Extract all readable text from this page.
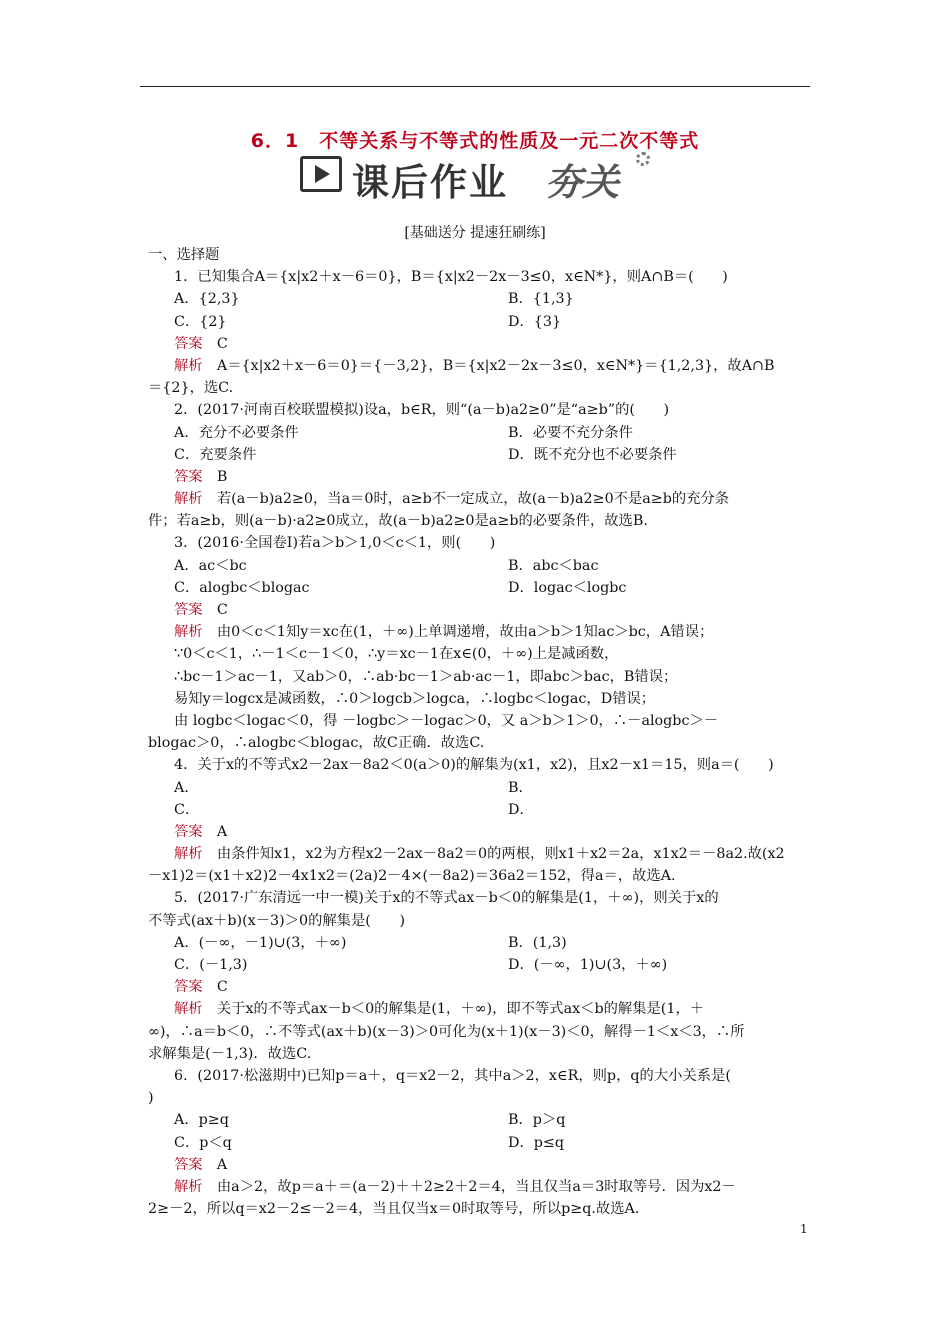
6．1　不等关系与不等式的性质及一元二次不等式
课后作业 夯关
[基础送分 提速狂刷练]
一、选择题
1．已知集合A＝{x|x2＋x－6＝0}，B＝{x|x2－2x－3≤0，x∈N*}，则A∩B＝(　　)
A．{2,3}	B．{1,3}
C．{2}	D．{3}
答案　 C
解析　 A＝{x|x2＋x－6＝0}＝{－3,2}，B＝{x|x2－2x－3≤0，x∈N*}＝{1,2,3}，故A∩B
＝{2}，选C.
2．(2017·河南百校联盟模拟)设a，b∈R，则“(a－b)a2≥0”是“a≥b”的(　　)
A．充分不必要条件	B．必要不充分条件
C．充要条件	D．既不充分也不必要条件
答案　 B
解析　 若(a－b)a2≥0，当a＝0时，a≥b不一定成立，故(a－b)a2≥0不是a≥b的充分条
件；若a≥b，则(a－b)·a2≥0成立，故(a－b)a2≥0是a≥b的必要条件，故选B.
3．(2016·全国卷Ⅰ)若a＞b＞1,0＜c＜1，则(　　)
A．ac＜bc	B．abc＜bac
C．alogbc＜blogac	D．logac＜logbc
答案　 C
解析　 由0＜c＜1知y＝xc在(1，＋∞)上单调递增，故由a＞b＞1知ac＞bc，A错误；
∵0＜c＜1，∴－1＜c－1＜0，∴y＝xc－1在x∈(0，＋∞)上是减函数，
∴bc－1＞ac－1，又ab＞0，∴ab·bc－1＞ab·ac－1，即abc＞bac，B错误；
易知y＝logcx是减函数，∴0＞logcb＞logca，∴logbc＜logac，D错误；
由 logbc＜logac＜0，得 －logbc＞－logac＞0，又 a＞b＞1＞0，∴－alogbc＞－
blogac＞0，∴alogbc＜blogac，故C正确．故选C.
4．关于x的不等式x2－2ax－8a2＜0(a＞0)的解集为(x1，x2)，且x2－x1＝15，则a＝(　　)
A．	B．
C．	D．
答案　 A
解析　 由条件知x1，x2为方程x2－2ax－8a2＝0的两根，则x1＋x2＝2a，x1x2＝－8a2.故(x2
－x1)2＝(x1＋x2)2－4x1x2＝(2a)2－4×(－8a2)＝36a2＝152，得a＝，故选A.
5．(2017·广东清远一中一模)关于x的不等式ax－b＜0的解集是(1，＋∞)，则关于x的
不等式(ax＋b)(x－3)＞0的解集是(　　)
A．(－∞，－1)∪(3，＋∞)	B．(1,3)
C．(－1,3)	D．(－∞，1)∪(3，＋∞)
答案　 C
解析　 关于x的不等式ax－b＜0的解集是(1，＋∞)，即不等式ax＜b的解集是(1，＋
∞)，∴a＝b＜0，∴不等式(ax＋b)(x－3)＞0可化为(x＋1)(x－3)＜0，解得－1＜x＜3，∴所
求解集是(－1,3)．故选C.
6．(2017·松滋期中)已知p＝a＋，q＝x2－2，其中a＞2，x∈R，则p，q的大小关系是(
)
A．p≥q	B．p＞q
C．p＜q	D．p≤q
答案　 A
解析　 由a＞2，故p＝a＋＝(a－2)＋＋2≥2＋2＝4，当且仅当a＝3时取等号．因为x2－
2≥－2，所以q＝x2－2≤－2＝4，当且仅当x＝0时取等号，所以p≥q.故选A.
1
